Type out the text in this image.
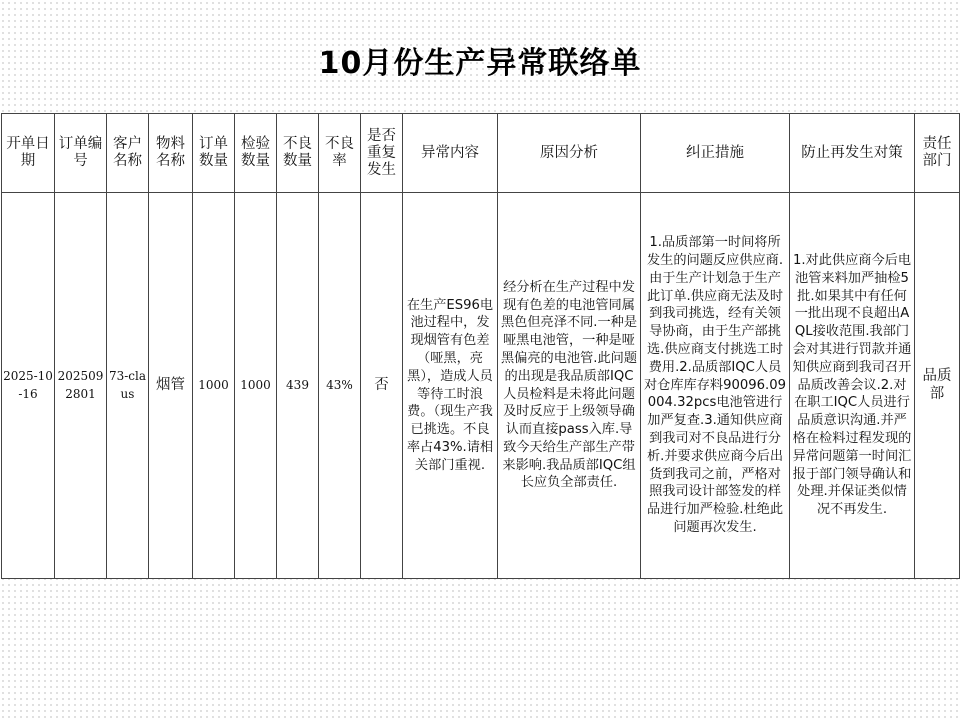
10月份生产异常联络单
开单日期	订单编号	客户名称	物料名称	订单数量	检验数量	不良数量	不良率	是否重复发生	异常内容	原因分析	纠正措施	防止再发生对策	责任部门
2025-10-16	2025092801	73-claus	烟管	1000	1000	439	43%	否	在生产ES96电池过程中，发现烟管有色差（哑黑，亮黑），造成人员等待工时浪费。（现生产我已挑选。不良率占43%.请相关部门重视.	经分析在生产过程中发现有色差的电池管同属黑色但亮泽不同.一种是哑黑电池管，一种是哑黑偏亮的电池管.此问题的出现是我品质部IQC人员检料是未将此问题及时反应于上级领导确认而直接pass入库.导致今天给生产部生产带来影响.我品质部IQC组长应负全部责任.	1.品质部第一时间将所发生的问题反应供应商.由于生产计划急于生产此订单.供应商无法及时到我司挑选，经有关领导协商，由于生产部挑选.供应商支付挑选工时费用.2.品质部IQC人员对仓库库存料90096.09004.32pcs电池管进行加严复查.3.通知供应商到我司对不良品进行分析.并要求供应商今后出货到我司之前，严格对照我司设计部签发的样品进行加严检验.杜绝此问题再次发生.	1.对此供应商今后电池管来料加严抽检5批.如果其中有任何一批出现不良超出AQL接收范围.我部门会对其进行罚款并通知供应商到我司召开品质改善会议.2.对在职工IQC人员进行品质意识沟通.并严格在检料过程发现的异常问题第一时间汇报于部门领导确认和处理.并保证类似情况不再发生.	品质部
